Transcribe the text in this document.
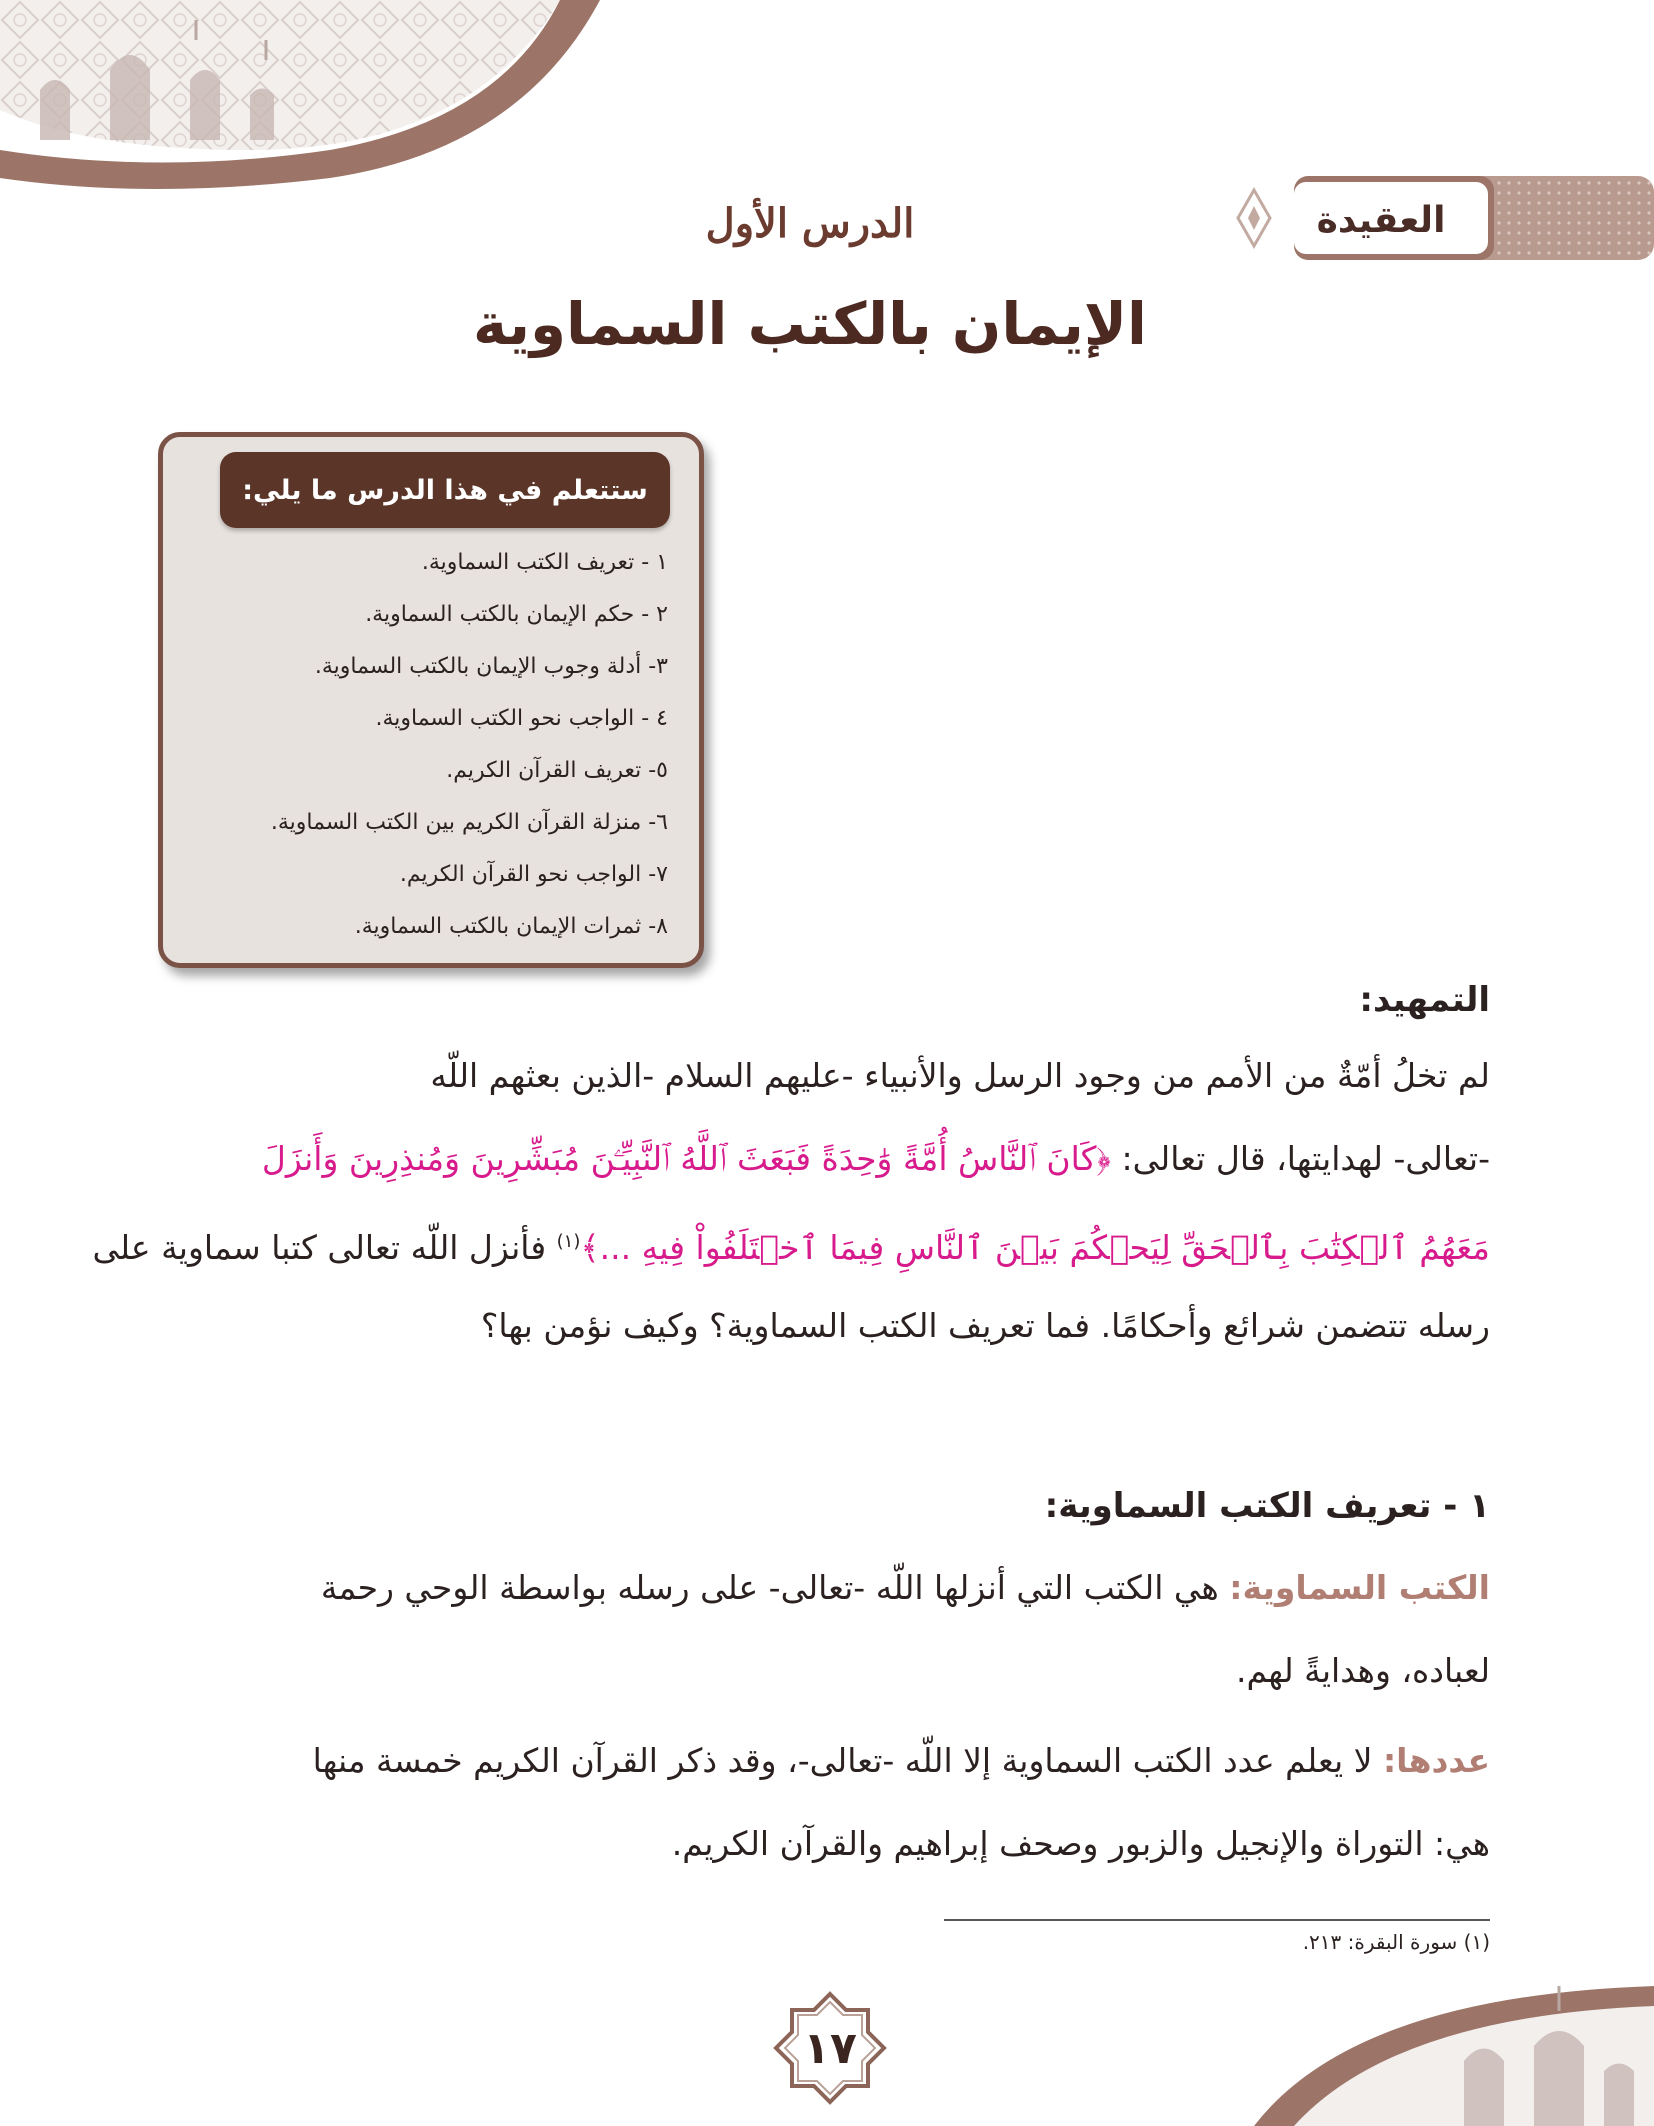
العقيدة
الدرس الأول
الإيمان بالكتب السماوية
ستتعلم في هذا الدرس ما يلي:
١ - تعريف الكتب السماوية.
٢ - حكم الإيمان بالكتب السماوية.
٣- أدلة وجوب الإيمان بالكتب السماوية.
٤ - الواجب نحو الكتب السماوية.
٥- تعريف القرآن الكريم.
٦- منزلة القرآن الكريم بين الكتب السماوية.
٧- الواجب نحو القرآن الكريم.
٨- ثمرات الإيمان بالكتب السماوية.
التمهيد:
لم تخلُ أمّةٌ من الأمم من وجود الرسل والأنبياء -عليهم السلام -الذين بعثهم اللّه
-تعالى- لهدايتها، قال تعالى: ﴿كَانَ ٱلنَّاسُ أُمَّةً وَٰحِدَةً فَبَعَثَ ٱللَّهُ ٱلنَّبِيِّـۧنَ مُبَشِّرِينَ وَمُنذِرِينَ وَأَنزَلَ
مَعَهُمُ ٱلۡكِتَٰبَ بِٱلۡحَقِّ لِيَحۡكُمَ بَيۡنَ ٱلنَّاسِ فِيمَا ٱخۡتَلَفُواْ فِيهِ ...﴾$^{(١)}$ فأنزل اللّه تعالى كتبا سماوية على
رسله تتضمن شرائع وأحكامًا. فما تعريف الكتب السماوية؟ وكيف نؤمن بها؟
١ - تعريف الكتب السماوية:
الكتب السماوية: هي الكتب التي أنزلها اللّه -تعالى- على رسله بواسطة الوحي رحمة
لعباده، وهدايةً لهم.
عددها: لا يعلم عدد الكتب السماوية إلا اللّه -تعالى-، وقد ذكر القرآن الكريم خمسة منها
هي: التوراة والإنجيل والزبور وصحف إبراهيم والقرآن الكريم.
(١) سورة البقرة: ٢١٣.
١٧
